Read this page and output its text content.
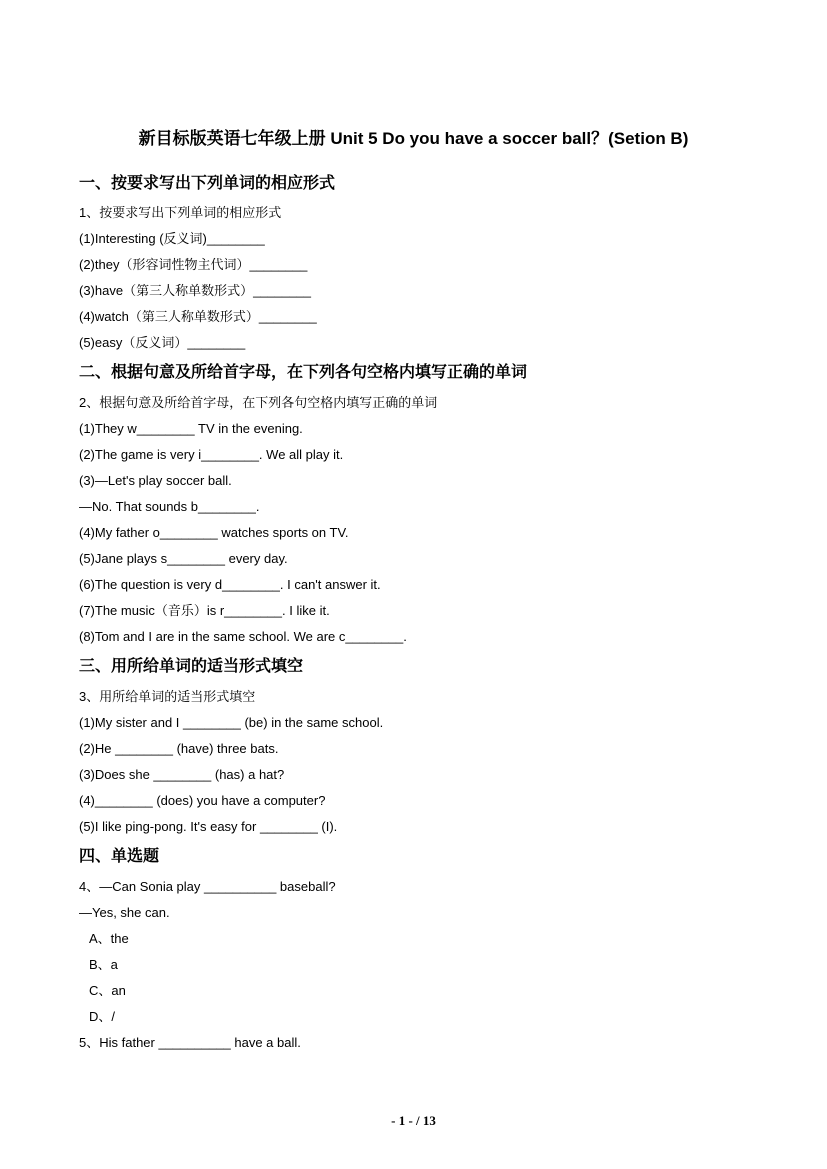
新目标版英语七年级上册 Unit 5 Do you have a soccer ball？(Setion B)
一、按要求写出下列单词的相应形式
1、按要求写出下列单词的相应形式
(1)Interesting (反义词)________
(2)they（形容词性物主代词）________
(3)have（第三人称单数形式）________
(4)watch（第三人称单数形式）________
(5)easy（反义词）________
二、根据句意及所给首字母，在下列各句空格内填写正确的单词
2、根据句意及所给首字母，在下列各句空格内填写正确的单词
(1)They w________ TV in the evening.
(2)The game is very i________. We all play it.
(3)—Let's play soccer ball.
—No. That sounds b________.
(4)My father o________ watches sports on TV.
(5)Jane plays s________ every day.
(6)The question is very d________. I can't answer it.
(7)The music（音乐）is r________. I like it.
(8)Tom and I are in the same school. We are c________.
三、用所给单词的适当形式填空
3、用所给单词的适当形式填空
(1)My sister and I ________ (be) in the same school.
(2)He ________ (have) three bats.
(3)Does she ________ (has) a hat?
(4)________ (does) you have a computer?
(5)I like ping-pong. It's easy for ________ (I).
四、单选题
4、—Can Sonia play __________ baseball?
—Yes, she can.
A、the
B、a
C、an
D、/
5、His father __________ have a ball.
- 1 - / 13
